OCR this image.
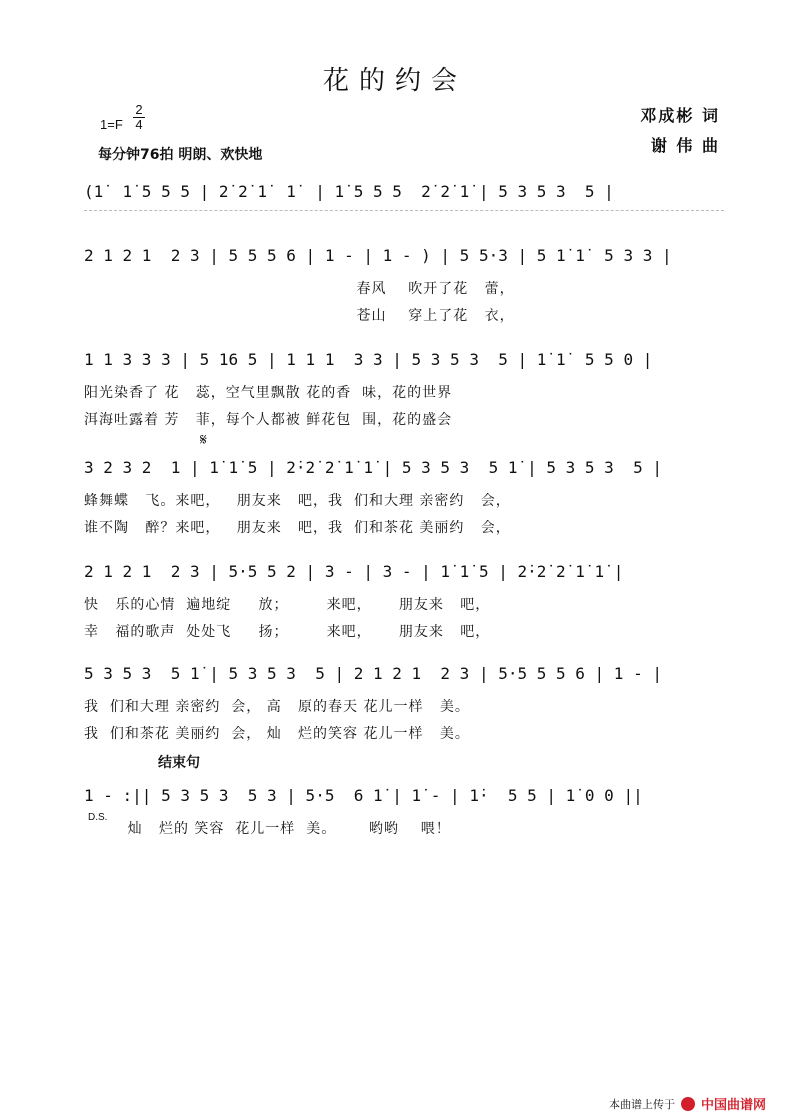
花的约会
$1=F \frac{2}{4}$
每分钟76拍 明朗、欢快地
邓成彬 词
谢 伟 曲
(1̇  1̇ 5 5 5 | 2̇ 2̇ 1̇  1̇  | 1̇ 5 5 5  2̇ 2̇ 1̇ | 5 3 5 3  5 |
2 1 2 1  2 3 | 5 5 5 6 | 1 - | 1 - ) | 5 5·3 | 5 1̇ 1̇  5 3 3 |
春风    吹开了花   蕾，
苍山    穿上了花   衣，
1 1 3 3 3 | 5 16 5 | 1 1 1  3 3 | 5 3 5 3  5 | 1̇ 1̇  5 5 0 |
阳光染香了 花   蕊，空气里飘散 花的香  味，花的世界
洱海吐露着 芳   菲，每个人都被 鲜花包  围，花的盛会
𝄋
3 2 3 2  1 | 1̇ 1̇ 5 | 2̇·2̇ 2̇ 1̇ 1̇ | 5 3 5 3  5 1̇ | 5 3 5 3  5 |
蜂舞蝶   飞。来吧，   朋友来   吧，我  们和大理 亲密约   会，
谁不陶   醉？来吧，   朋友来   吧，我  们和茶花 美丽约   会，
2 1 2 1  2 3 | 5·5 5 2 | 3 - | 3 - | 1̇ 1̇ 5 | 2̇·2̇ 2̇ 1̇ 1̇ |
快   乐的心情  遍地绽     放；       来吧，     朋友来   吧，
幸   福的歌声  处处飞     扬；       来吧，     朋友来   吧，
5 3 5 3  5 1̇ | 5 3 5 3  5 | 2 1 2 1  2 3 | 5·5 5 5 6 | 1 - |
我  们和大理 亲密约  会， 高   原的春天 花儿一样   美。
我  们和茶花 美丽约  会， 灿   烂的笑容 花儿一样   美。
结束句
1 - :|| 5 3 5 3  5 3 | 5·5  6 1̇ | 1̇ - | 1̇·  5 5 | 1̇ 0 0 ||
D.S.
灿   烂的 笑容  花儿一样  美。      哟哟    喂！
本曲谱上传于 中国曲谱网
